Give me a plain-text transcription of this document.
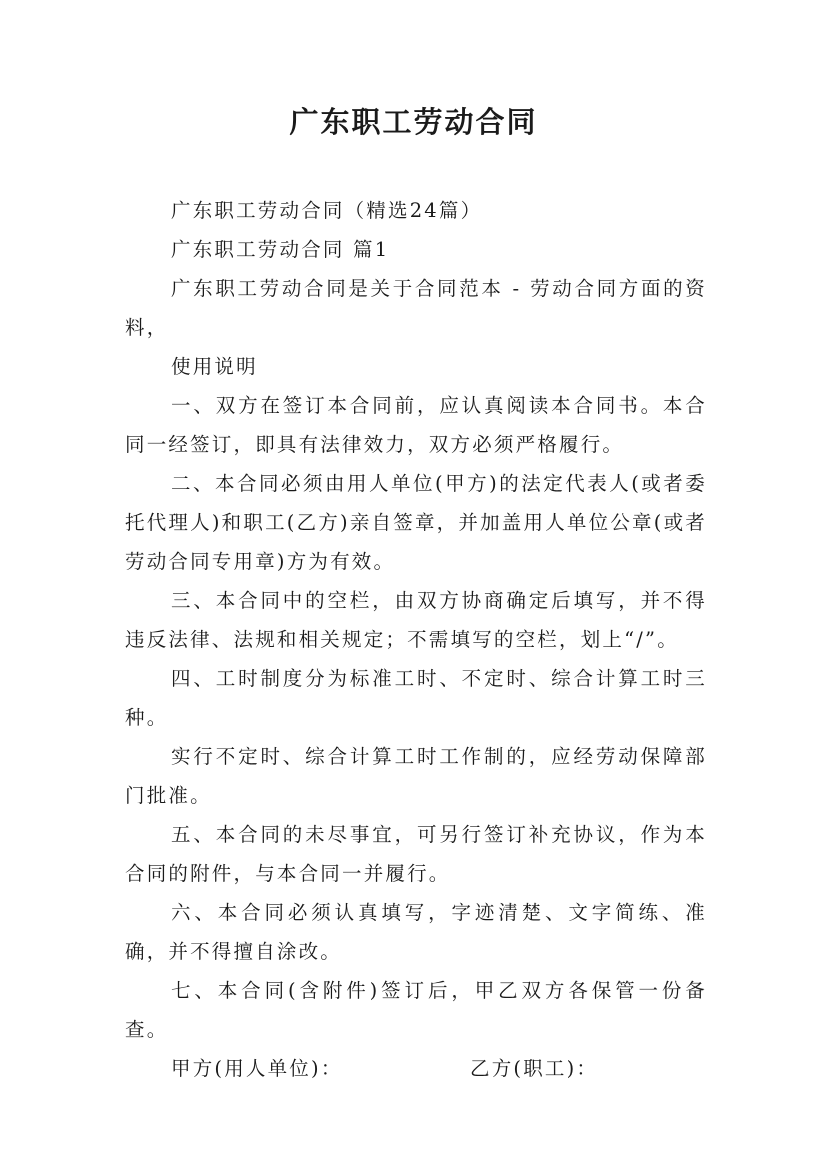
广东职工劳动合同

广东职工劳动合同（精选24篇）

广东职工劳动合同 篇1

广东职工劳动合同是关于合同范本 - 劳动合同方面的资料，

使用说明

一、双方在签订本合同前，应认真阅读本合同书。本合同一经签订，即具有法律效力，双方必须严格履行。

二、本合同必须由用人单位(甲方)的法定代表人(或者委托代理人)和职工(乙方)亲自签章，并加盖用人单位公章(或者劳动合同专用章)方为有效。

三、本合同中的空栏，由双方协商确定后填写，并不得违反法律、法规和相关规定；不需填写的空栏，划上“/”。

四、工时制度分为标准工时、不定时、综合计算工时三种。

实行不定时、综合计算工时工作制的，应经劳动保障部门批准。

五、本合同的未尽事宜，可另行签订补充协议，作为本合同的附件，与本合同一并履行。

六、本合同必须认真填写，字迹清楚、文字简练、准确，并不得擅自涂改。

七、本合同(含附件)签订后，甲乙双方各保管一份备查。

甲方(用人单位)：	乙方(职工)：
